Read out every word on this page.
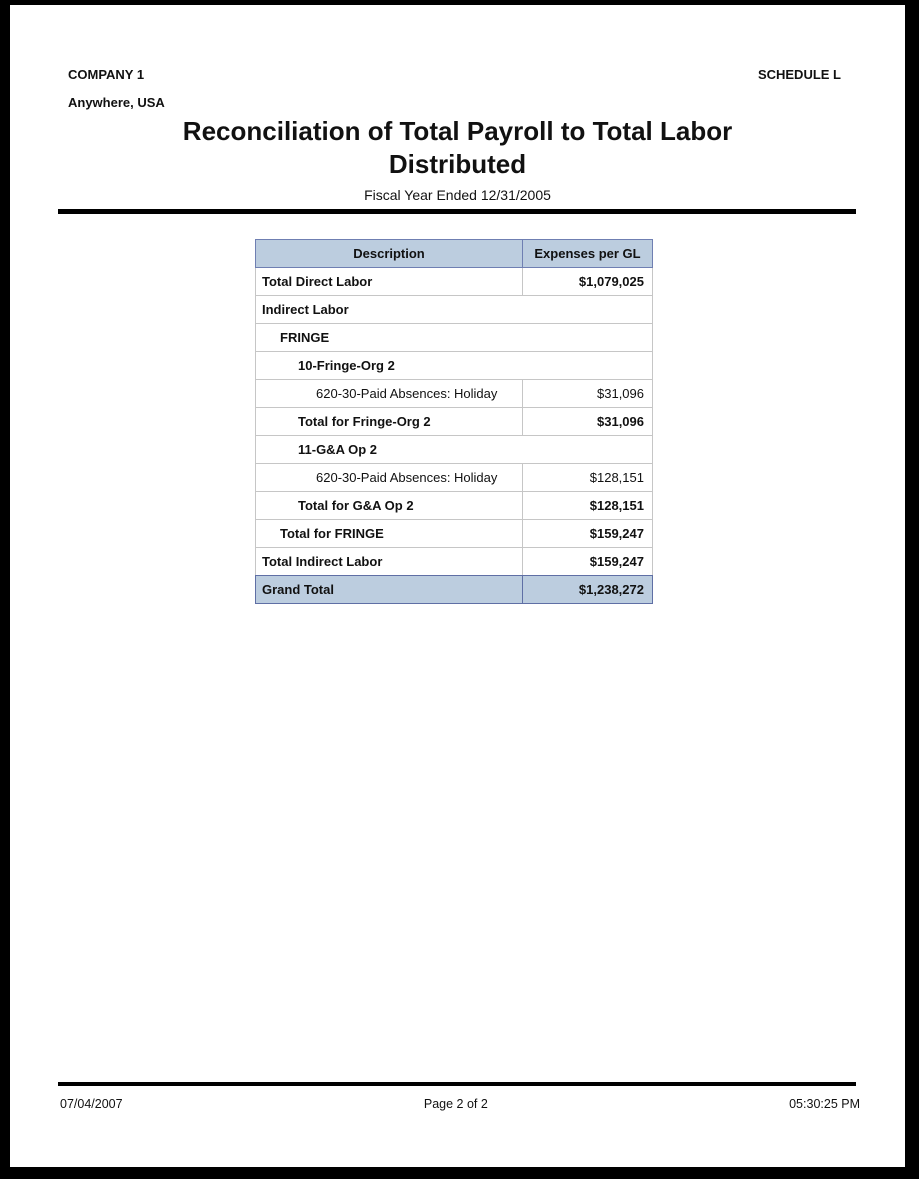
COMPANY 1
Anywhere, USA
SCHEDULE L
Reconciliation of Total Payroll to Total Labor Distributed
Fiscal Year Ended 12/31/2005
Description	Expenses per GL
Total Direct Labor	$1,079,025
Indirect Labor
FRINGE
10-Fringe-Org 2
620-30-Paid Absences: Holiday	$31,096
Total for Fringe-Org 2	$31,096
11-G&A Op 2
620-30-Paid Absences: Holiday	$128,151
Total for G&A Op 2	$128,151
Total for FRINGE	$159,247
Total Indirect Labor	$159,247
Grand Total	$1,238,272
07/04/2007	Page 2 of 2	05:30:25 PM
